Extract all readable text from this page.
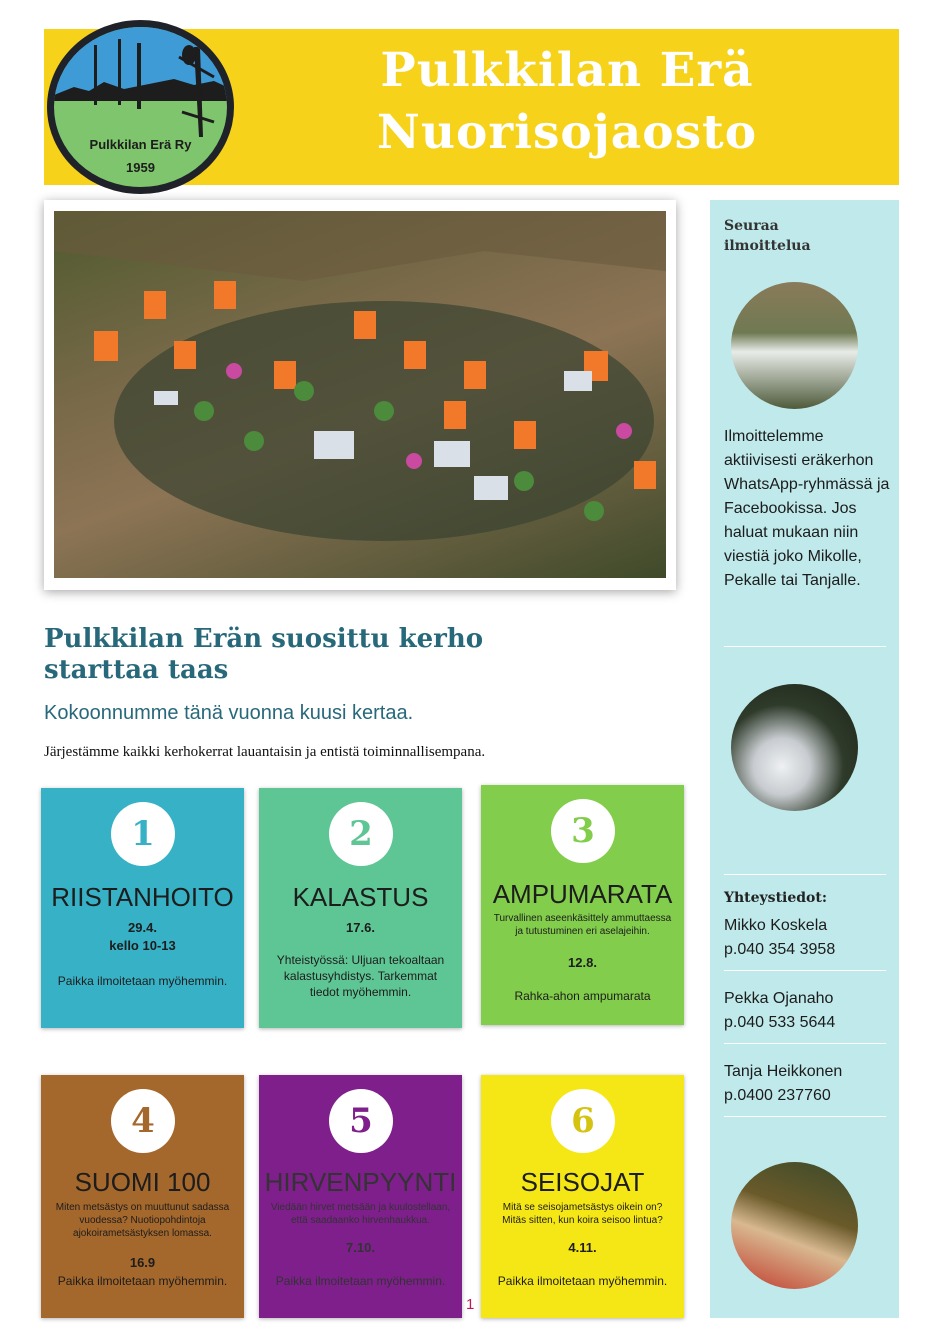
Pulkkilan Erä
Nuorisojaosto
Pulkkilan Erä Ry
1959
Pulkkilan Erän suosittu kerho
starttaa taas
Kokoonnumme tänä vuonna kuusi kertaa.
Järjestämme kaikki kerhokerrat lauantaisin ja entistä toiminnallisempana.
1
RIISTANHOITO
29.4.
kello 10-13
Paikka ilmoitetaan myöhemmin.
2
KALASTUS
17.6.
Yhteistyössä: Uljuan tekoaltaan kalastusyhdistys. Tarkemmat tiedot myöhemmin.
3
AMPUMARATA
Turvallinen aseenkäsittely ammuttaessa ja tutustuminen eri aselajeihin.
12.8.
Rahka-ahon ampumarata
4
SUOMI 100
Miten metsästys on muuttunut sadassa vuodessa? Nuotiopohdintoja ajokoirametsästyksen lomassa.
16.9
Paikka ilmoitetaan myöhemmin.
5
HIRVENPYYNTI
Viedään hirvet metsään ja kuulostellaan, että saadaanko hirvenhaukkua.
7.10.
Paikka ilmoitetaan myöhemmin.
6
SEISOJAT
Mitä se seisojametsästys oikein on? Mitäs sitten, kun koira seisoo lintua?
4.11.
Paikka ilmoitetaan myöhemmin.
Seuraa
ilmoittelua
Ilmoittelemme aktiivisesti eräkerhon WhatsApp-ryhmässä ja Facebookissa. Jos haluat mukaan niin viestiä joko Mikolle, Pekalle tai Tanjalle.
Yhteystiedot:
Mikko Koskela
p.040 354 3958
Pekka Ojanaho
p.040 533 5644
Tanja Heikkonen
p.0400 237760
1
